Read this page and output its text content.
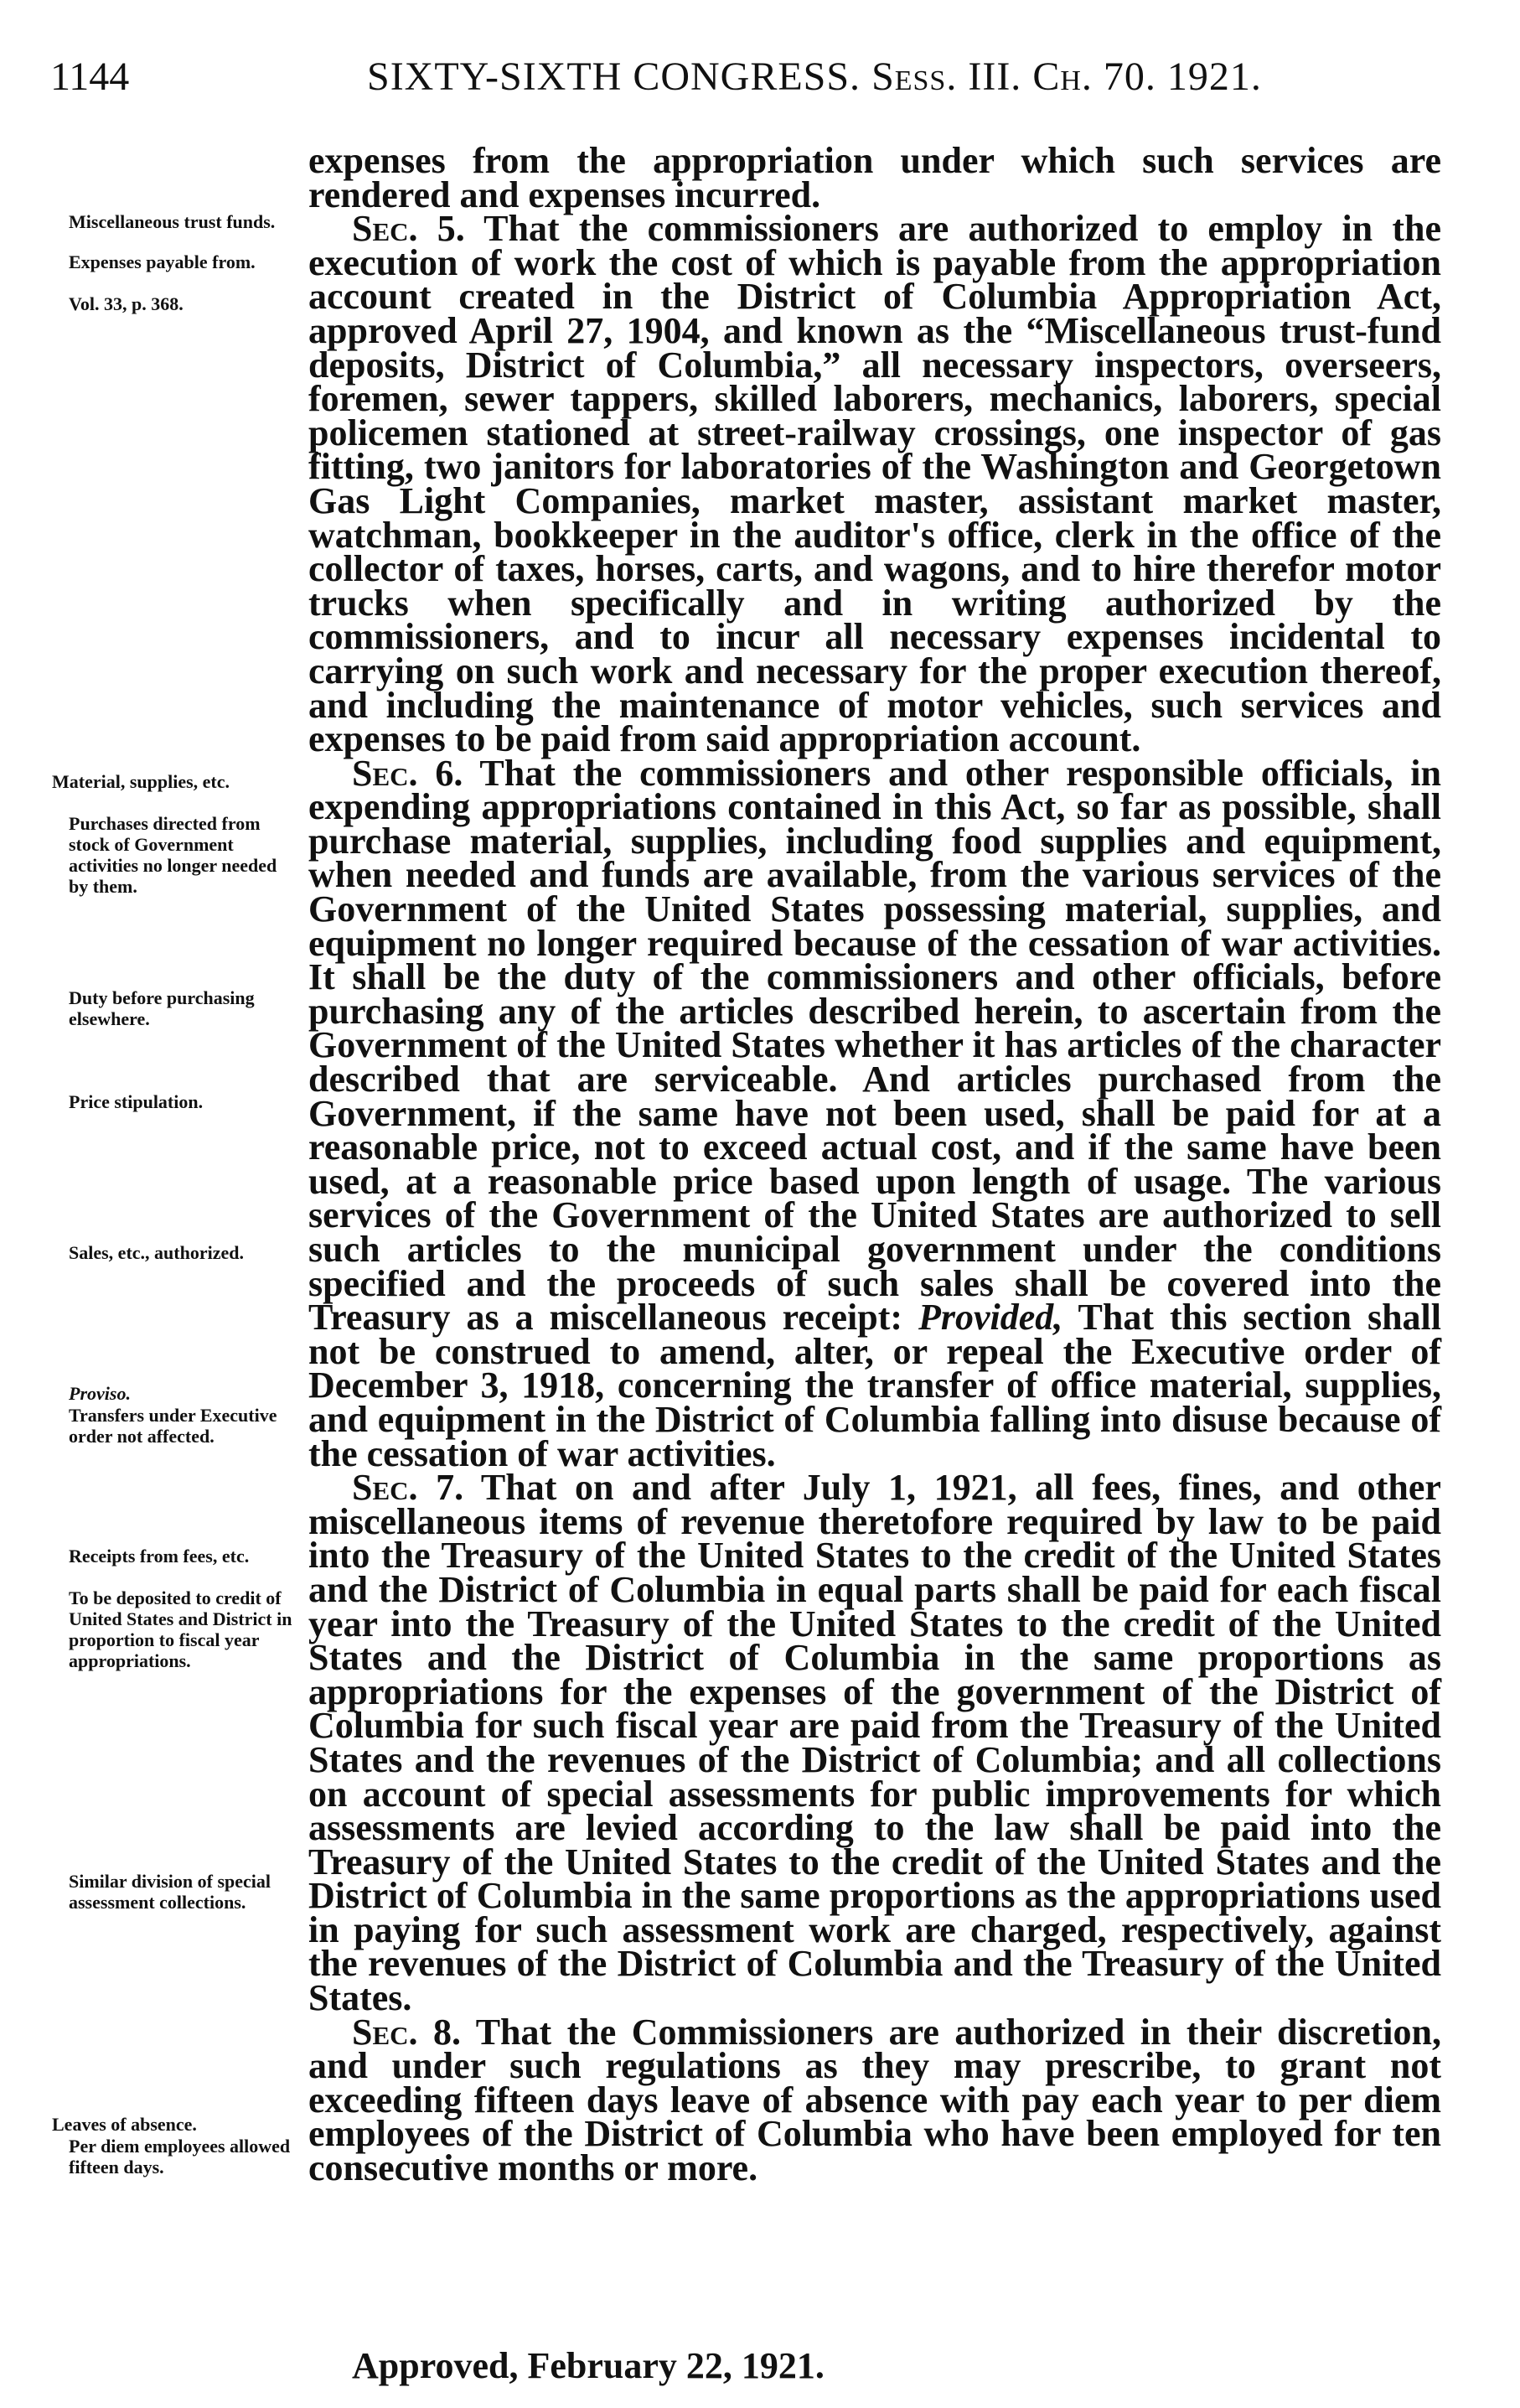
1144	SIXTY-SIXTH CONGRESS. Sess. III. Ch. 70. 1921.
Miscellaneous trust funds.
Expenses payable from.
Vol. 33, p. 368.
Material, supplies, etc.
Purchases directed from stock of Government activities no longer needed by them.
Duty before purchasing elsewhere.
Price stipulation.
Sales, etc., authorized.
Proviso.
Transfers under Executive order not affected.
Receipts from fees, etc.
To be deposited to credit of United States and District in proportion to fiscal year appropriations.
Similar division of special assessment collections.
Leaves of absence.
Per diem employees allowed fifteen days.

expenses from the appropriation under which such services are rendered and expenses incurred.

Sec. 5. That the commissioners are authorized to employ in the execution of work the cost of which is payable from the appropriation account created in the District of Columbia Appropriation Act, approved April 27, 1904, and known as the “Miscellaneous trust-fund deposits, District of Columbia,” all necessary inspectors, overseers, foremen, sewer tappers, skilled laborers, mechanics, laborers, special policemen stationed at street-railway crossings, one inspector of gas fitting, two janitors for laboratories of the Washington and Georgetown Gas Light Companies, market master, assistant market master, watchman, bookkeeper in the auditor's office, clerk in the office of the collector of taxes, horses, carts, and wagons, and to hire therefor motor trucks when specifically and in writing authorized by the commissioners, and to incur all necessary expenses incidental to carrying on such work and necessary for the proper execution thereof, and including the maintenance of motor vehicles, such services and expenses to be paid from said appropriation account.

Sec. 6. That the commissioners and other responsible officials, in expending appropriations contained in this Act, so far as possible, shall purchase material, supplies, including food supplies and equipment, when needed and funds are available, from the various services of the Government of the United States possessing material, supplies, and equipment no longer required because of the cessation of war activities. It shall be the duty of the commissioners and other officials, before purchasing any of the articles described herein, to ascertain from the Government of the United States whether it has articles of the character described that are serviceable. And articles purchased from the Government, if the same have not been used, shall be paid for at a reasonable price, not to exceed actual cost, and if the same have been used, at a reasonable price based upon length of usage. The various services of the Government of the United States are authorized to sell such articles to the municipal government under the conditions specified and the proceeds of such sales shall be covered into the Treasury as a miscellaneous receipt: Provided, That this section shall not be construed to amend, alter, or repeal the Executive order of December 3, 1918, concerning the transfer of office material, supplies, and equipment in the District of Columbia falling into disuse because of the cessation of war activities.

Sec. 7. That on and after July 1, 1921, all fees, fines, and other miscellaneous items of revenue theretofore required by law to be paid into the Treasury of the United States to the credit of the United States and the District of Columbia in equal parts shall be paid for each fiscal year into the Treasury of the United States to the credit of the United States and the District of Columbia in the same proportions as appropriations for the expenses of the government of the District of Columbia for such fiscal year are paid from the Treasury of the United States and the revenues of the District of Columbia; and all collections on account of special assessments for public improvements for which assessments are levied according to the law shall be paid into the Treasury of the United States to the credit of the United States and the District of Columbia in the same proportions as the appropriations used in paying for such assessment work are charged, respectively, against the revenues of the District of Columbia and the Treasury of the United States.

Sec. 8. That the Commissioners are authorized in their discretion, and under such regulations as they may prescribe, to grant not exceeding fifteen days leave of absence with pay each year to per diem employees of the District of Columbia who have been employed for ten consecutive months or more.

Approved, February 22, 1921.
